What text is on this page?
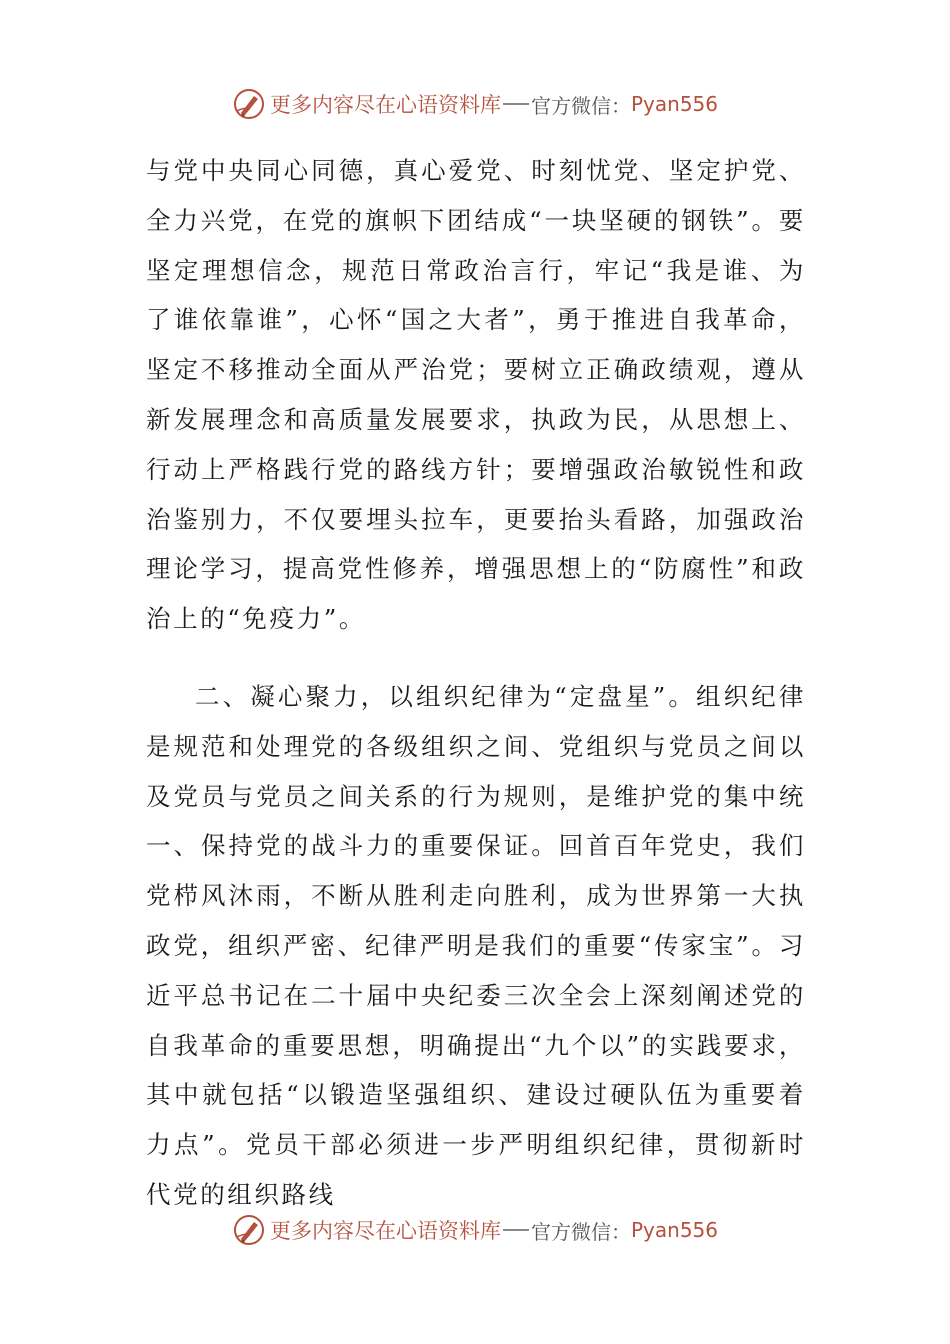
更多内容尽在心语资料库 官方微信： Pyan556

与党中央同心同德，真心爱党、时刻忧党、坚定护党、全力兴党，在党的旗帜下团结成“一块坚硬的钢铁”。要坚定理想信念，规范日常政治言行，牢记“我是谁、为了谁依靠谁”，心怀“国之大者”，勇于推进自我革命，坚定不移推动全面从严治党；要树立正确政绩观，遵从新发展理念和高质量发展要求，执政为民，从思想上、行动上严格践行党的路线方针；要增强政治敏锐性和政治鉴别力，不仅要埋头拉车，更要抬头看路，加强政治理论学习，提高党性修养，增强思想上的“防腐性”和政治上的“免疫力”。

二、凝心聚力，以组织纪律为“定盘星”。组织纪律是规范和处理党的各级组织之间、党组织与党员之间以及党员与党员之间关系的行为规则，是维护党的集中统一、保持党的战斗力的重要保证。回首百年党史，我们党栉风沐雨，不断从胜利走向胜利，成为世界第一大执政党，组织严密、纪律严明是我们的重要“传家宝”。习近平总书记在二十届中央纪委三次全会上深刻阐述党的自我革命的重要思想，明确提出“九个以”的实践要求，其中就包括“以锻造坚强组织、建设过硬队伍为重要着力点”。党员干部必须进一步严明组织纪律，贯彻新时代党的组织路线

更多内容尽在心语资料库 官方微信： Pyan556
